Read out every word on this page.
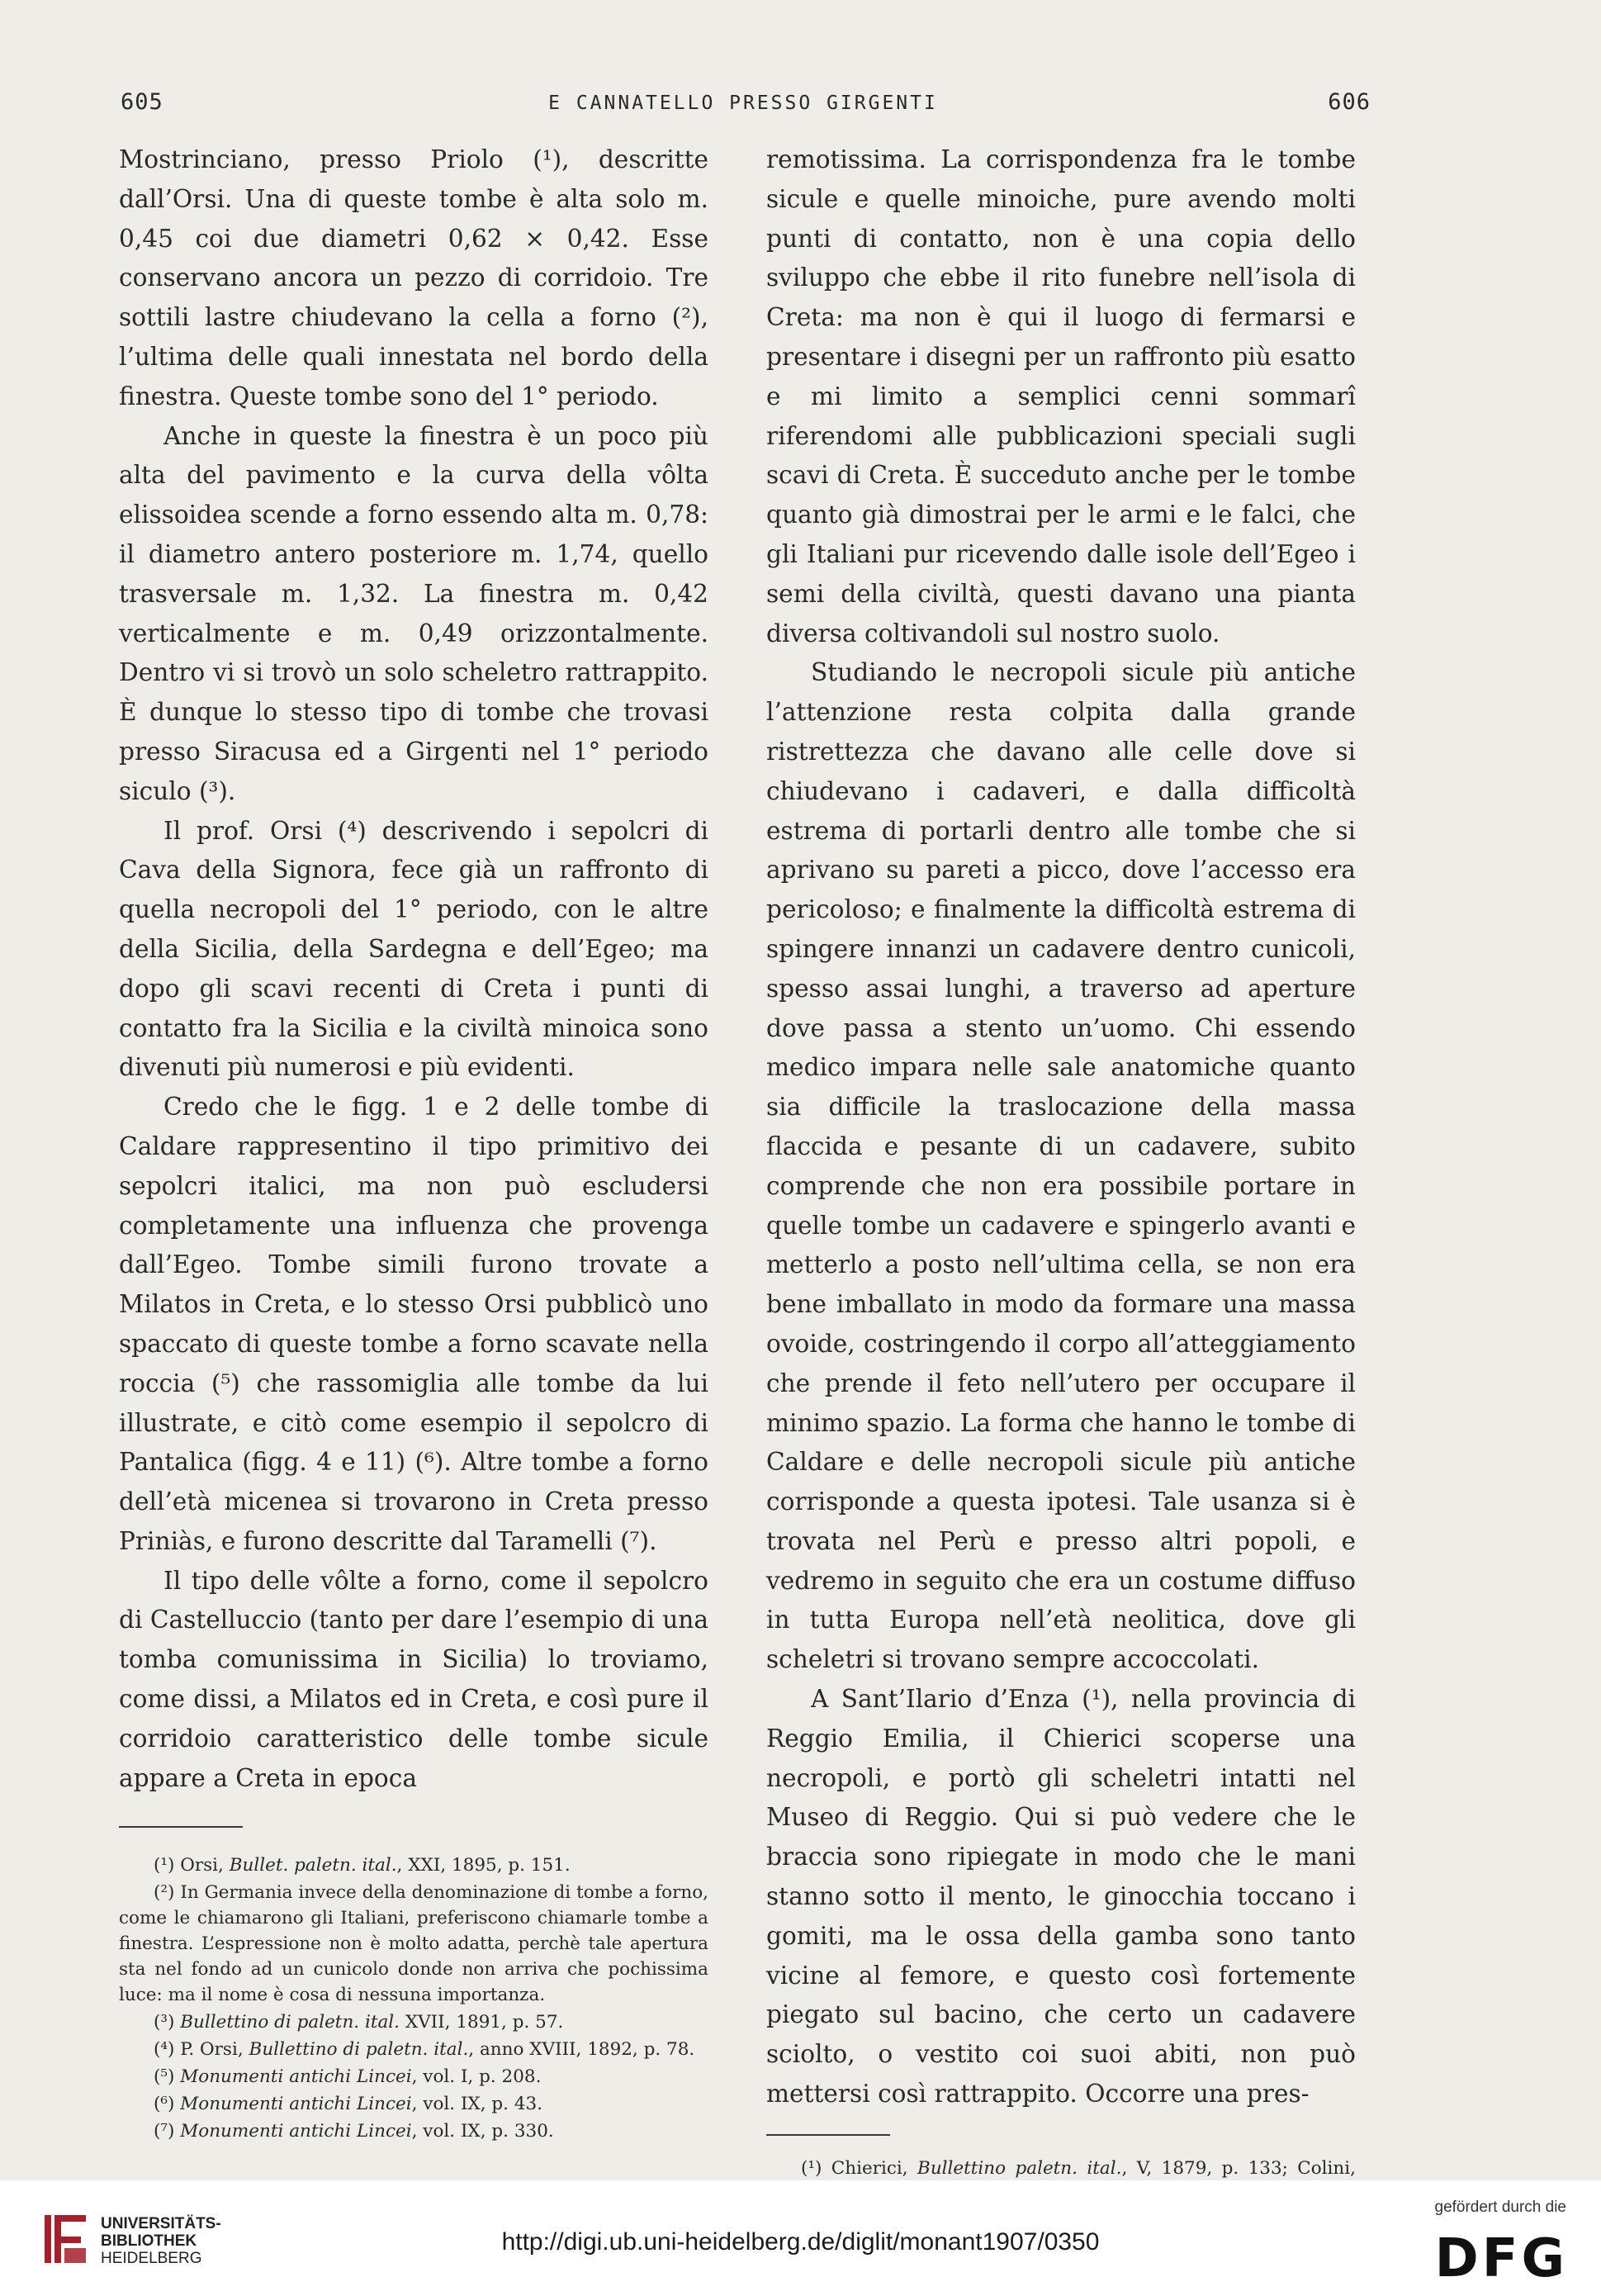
605	E CANNATELLO PRESSO GIRGENTI	606

Mostrinciano, presso Priolo (¹), descritte dall’Orsi. Una di queste tombe è alta solo m. 0,45 coi due diametri 0,62 × 0,42. Esse conservano ancora un pezzo di corridoio. Tre sottili lastre chiudevano la cella a forno (²), l’ultima delle quali innestata nel bordo della finestra. Queste tombe sono del 1° periodo.

Anche in queste la finestra è un poco più alta del pavimento e la curva della vôlta elissoidea scende a forno essendo alta m. 0,78: il diametro antero posteriore m. 1,74, quello trasversale m. 1,32. La finestra m. 0,42 verticalmente e m. 0,49 orizzontalmente. Dentro vi si trovò un solo scheletro rattrappito. È dunque lo stesso tipo di tombe che trovasi presso Siracusa ed a Girgenti nel 1° periodo siculo (³).

Il prof. Orsi (⁴) descrivendo i sepolcri di Cava della Signora, fece già un raffronto di quella necropoli del 1° periodo, con le altre della Sicilia, della Sardegna e dell’Egeo; ma dopo gli scavi recenti di Creta i punti di contatto fra la Sicilia e la civiltà minoica sono divenuti più numerosi e più evidenti.

Credo che le figg. 1 e 2 delle tombe di Caldare rappresentino il tipo primitivo dei sepolcri italici, ma non può escludersi completamente una influenza che provenga dall’Egeo. Tombe simili furono trovate a Milatos in Creta, e lo stesso Orsi pubblicò uno spaccato di queste tombe a forno scavate nella roccia (⁵) che rassomiglia alle tombe da lui illustrate, e citò come esempio il sepolcro di Pantalica (figg. 4 e 11) (⁶). Altre tombe a forno dell’età micenea si trovarono in Creta presso Priniàs, e furono descritte dal Taramelli (⁷).

Il tipo delle vôlte a forno, come il sepolcro di Castelluccio (tanto per dare l’esempio di una tomba comunissima in Sicilia) lo troviamo, come dissi, a Milatos ed in Creta, e così pure il corridoio caratteristico delle tombe sicule appare a Creta in epoca

(¹) Orsi, Bullet. paletn. ital., XXI, 1895, p. 151.

(²) In Germania invece della denominazione di tombe a forno, come le chiamarono gli Italiani, preferiscono chiamarle tombe a finestra. L’espressione non è molto adatta, perchè tale apertura sta nel fondo ad un cunicolo donde non arriva che pochissima luce: ma il nome è cosa di nessuna importanza.

(³) Bullettino di paletn. ital. XVII, 1891, p. 57.

(⁴) P. Orsi, Bullettino di paletn. ital., anno XVIII, 1892, p. 78.

(⁵) Monumenti antichi Lincei, vol. I, p. 208.

(⁶) Monumenti antichi Lincei, vol. IX, p. 43.

(⁷) Monumenti antichi Lincei, vol. IX, p. 330.

remotissima. La corrispondenza fra le tombe sicule e quelle minoiche, pure avendo molti punti di contatto, non è una copia dello sviluppo che ebbe il rito funebre nell’isola di Creta: ma non è qui il luogo di fermarsi e presentare i disegni per un raffronto più esatto e mi limito a semplici cenni sommarî riferendomi alle pubblicazioni speciali sugli scavi di Creta. È succeduto anche per le tombe quanto già dimostrai per le armi e le falci, che gli Italiani pur ricevendo dalle isole dell’Egeo i semi della civiltà, questi davano una pianta diversa coltivandoli sul nostro suolo.

Studiando le necropoli sicule più antiche l’attenzione resta colpita dalla grande ristrettezza che davano alle celle dove si chiudevano i cadaveri, e dalla difficoltà estrema di portarli dentro alle tombe che si aprivano su pareti a picco, dove l’accesso era pericoloso; e finalmente la difficoltà estrema di spingere innanzi un cadavere dentro cunicoli, spesso assai lunghi, a traverso ad aperture dove passa a stento un’uomo. Chi essendo medico impara nelle sale anatomiche quanto sia difficile la traslocazione della massa flaccida e pesante di un cadavere, subito comprende che non era possibile portare in quelle tombe un cadavere e spingerlo avanti e metterlo a posto nell’ultima cella, se non era bene imballato in modo da formare una massa ovoide, costringendo il corpo all’atteggiamento che prende il feto nell’utero per occupare il minimo spazio. La forma che hanno le tombe di Caldare e delle necropoli sicule più antiche corrisponde a questa ipotesi. Tale usanza si è trovata nel Perù e presso altri popoli, e vedremo in seguito che era un costume diffuso in tutta Europa nell’età neolitica, dove gli scheletri si trovano sempre accoccolati.

A Sant’Ilario d’Enza (¹), nella provincia di Reggio Emilia, il Chierici scoperse una necropoli, e portò gli scheletri intatti nel Museo di Reggio. Qui si può vedere che le braccia sono ripiegate in modo che le mani stanno sotto il mento, le ginocchia toccano i gomiti, ma le ossa della gamba sono tanto vicine al femore, e questo così fortemente piegato sul bacino, che certo un cadavere sciolto, o vestito coi suoi abiti, non può mettersi così rattrappito. Occorre una pres-

(¹) Chierici, Bullettino paletn. ital., V, 1879, p. 133; Colini,

UNIVERSITÄTS-
BIBLIOTHEK
HEIDELBERG
http://digi.ub.uni-heidelberg.de/diglit/monant1907/0350
gefördert durch die
DFG
